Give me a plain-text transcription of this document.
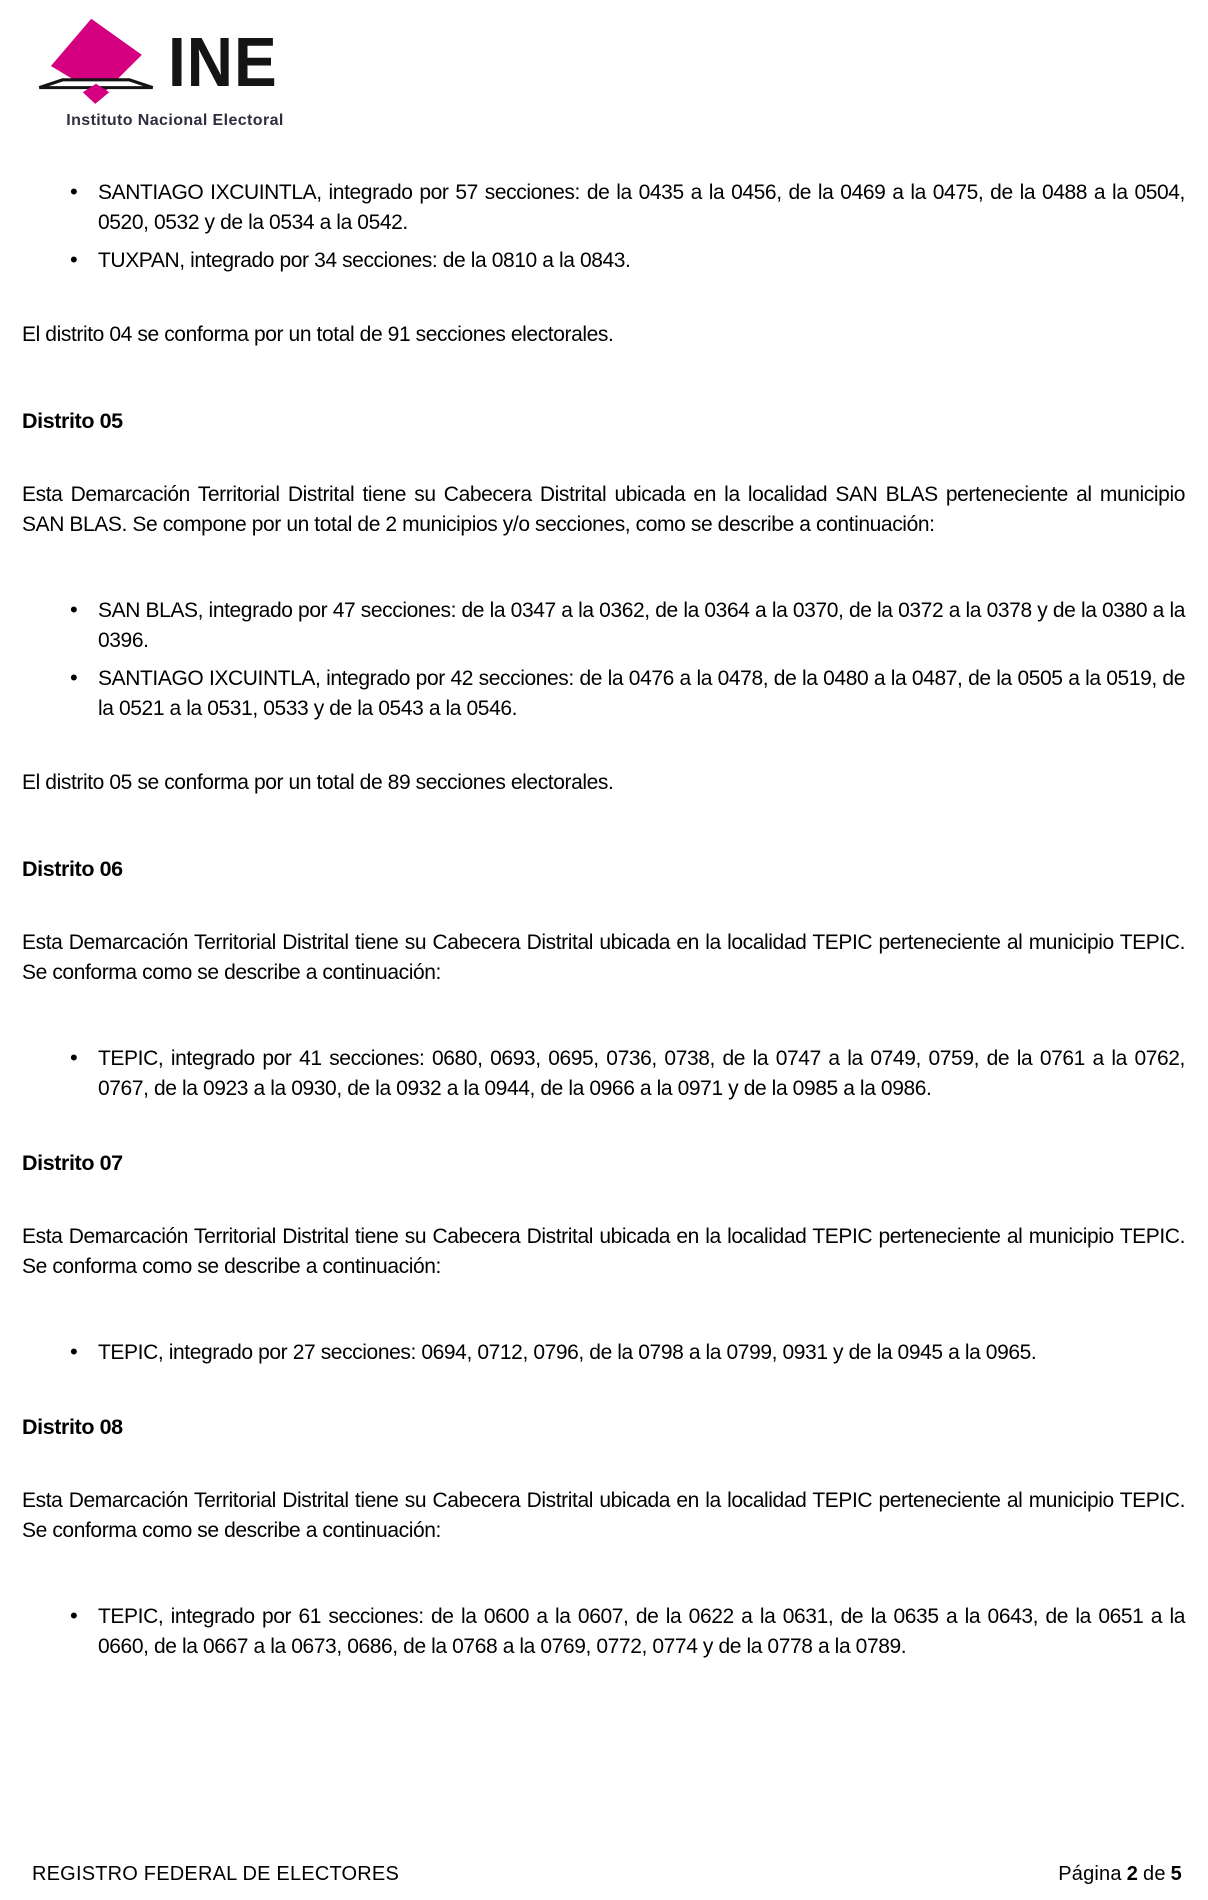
INE
Instituto Nacional Electoral
• SANTIAGO IXCUINTLA, integrado por 57 secciones: de la 0435 a la 0456, de la 0469 a la 0475, de la 0488 a la 0504, 0520, 0532 y de la 0534 a la 0542.
• TUXPAN, integrado por 34 secciones: de la 0810 a la 0843.

El distrito 04 se conforma por un total de 91 secciones electorales.

Distrito 05

Esta Demarcación Territorial Distrital tiene su Cabecera Distrital ubicada en la localidad SAN BLAS perteneciente al municipio SAN BLAS. Se compone por un total de 2 municipios y/o secciones, como se describe a continuación:

• SAN BLAS, integrado por 47 secciones: de la 0347 a la 0362, de la 0364 a la 0370, de la 0372 a la 0378 y de la 0380 a la 0396.
• SANTIAGO IXCUINTLA, integrado por 42 secciones: de la 0476 a la 0478, de la 0480 a la 0487, de la 0505 a la 0519, de la 0521 a la 0531, 0533 y de la 0543 a la 0546.

El distrito 05 se conforma por un total de 89 secciones electorales.

Distrito 06

Esta Demarcación Territorial Distrital tiene su Cabecera Distrital ubicada en la localidad TEPIC perteneciente al municipio TEPIC. Se conforma como se describe a continuación:

• TEPIC, integrado por 41 secciones: 0680, 0693, 0695, 0736, 0738, de la 0747 a la 0749, 0759, de la 0761 a la 0762, 0767, de la 0923 a la 0930, de la 0932 a la 0944, de la 0966 a la 0971 y de la 0985 a la 0986.
Distrito 07

Esta Demarcación Territorial Distrital tiene su Cabecera Distrital ubicada en la localidad TEPIC perteneciente al municipio TEPIC. Se conforma como se describe a continuación:

• TEPIC, integrado por 27 secciones: 0694, 0712, 0796, de la 0798 a la 0799, 0931 y de la 0945 a la 0965.
Distrito 08

Esta Demarcación Territorial Distrital tiene su Cabecera Distrital ubicada en la localidad TEPIC perteneciente al municipio TEPIC. Se conforma como se describe a continuación:

• TEPIC, integrado por 61 secciones: de la 0600 a la 0607, de la 0622 a la 0631, de la 0635 a la 0643, de la 0651 a la 0660, de la 0667 a la 0673, 0686, de la 0768 a la 0769, 0772, 0774 y de la 0778 a la 0789.
REGISTRO FEDERAL DE ELECTORES	Página 2 de 5
